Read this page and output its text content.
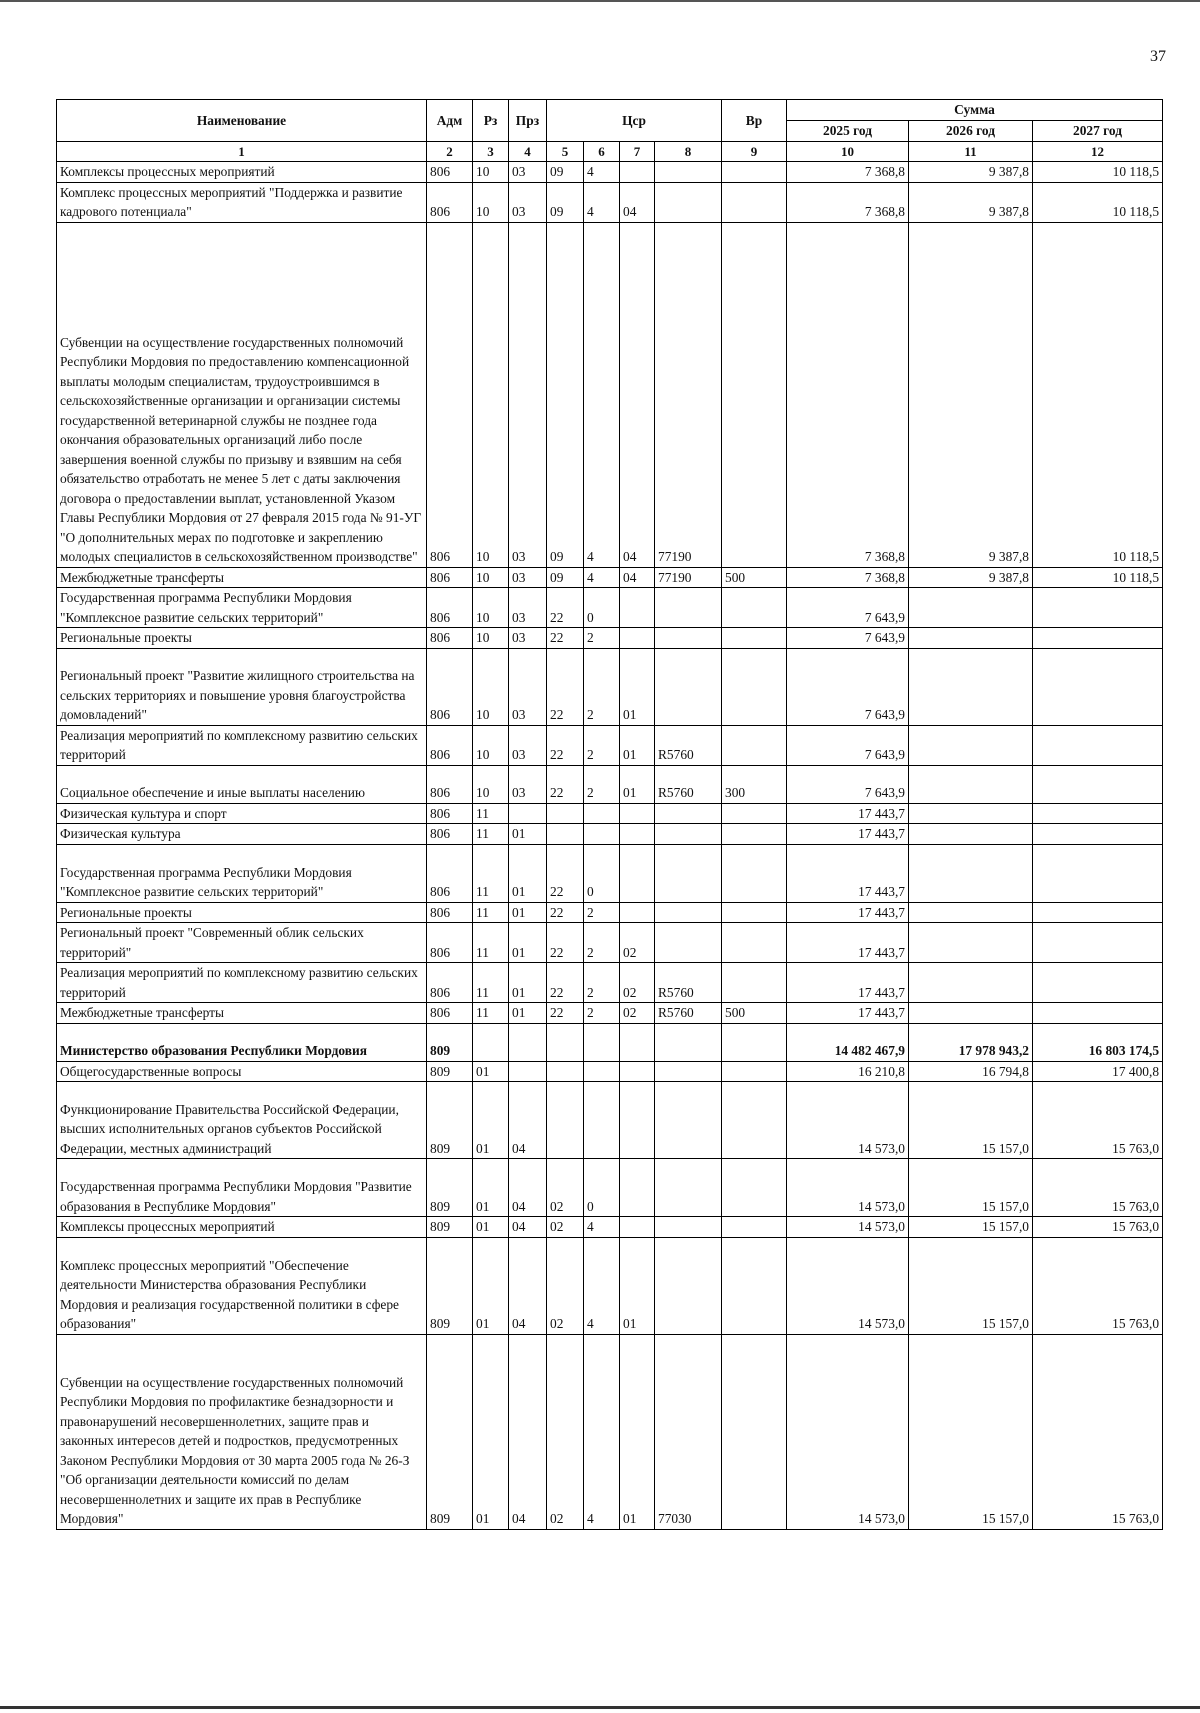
37
Наименование	Адм	Рз	Прз	Цср				Вр	Сумма		
									2025 год	2026 год	2027 год
1	2	3	4	5	6	7	8	9	10	11	12
Комплексы процессных мероприятий	806	10	03	09	4				7 368,8	9 387,8	10 118,5
Комплекс процессных мероприятий "Поддержка и развитие кадрового потенциала"	806	10	03	09	4	04			7 368,8	9 387,8	10 118,5
Субвенции на осуществление государственных полномочий Республики Мордовия по предоставлению компенсационной выплаты молодым специалистам, трудоустроившимся в сельскохозяйственные организации и организации системы государственной ветеринарной службы не позднее года окончания образовательных организаций либо после завершения военной службы по призыву и взявшим на себя обязательство отработать не менее 5 лет с даты заключения договора о предоставлении выплат, установленной Указом Главы Республики Мордовия от 27 февраля 2015 года № 91-УГ "О дополнительных мерах по подготовке и закреплению молодых специалистов в сельскохозяйственном производстве"	806	10	03	09	4	04	77190		7 368,8	9 387,8	10 118,5
Межбюджетные трансферты	806	10	03	09	4	04	77190	500	7 368,8	9 387,8	10 118,5
Государственная программа Республики Мордовия "Комплексное развитие сельских территорий"	806	10	03	22	0				7 643,9		
Региональные проекты	806	10	03	22	2				7 643,9		
Региональный проект "Развитие жилищного строительства на сельских территориях и повышение уровня благоустройства домовладений"	806	10	03	22	2	01			7 643,9		
Реализация мероприятий по комплексному развитию сельских территорий	806	10	03	22	2	01	R5760		7 643,9		
Социальное обеспечение и иные выплаты населению	806	10	03	22	2	01	R5760	300	7 643,9		
Физическая культура и спорт	806	11							17 443,7		
Физическая культура	806	11	01						17 443,7		
Государственная программа Республики Мордовия "Комплексное развитие сельских территорий"	806	11	01	22	0				17 443,7		
Региональные проекты	806	11	01	22	2				17 443,7		
Региональный проект "Современный облик сельских территорий"	806	11	01	22	2	02			17 443,7		
Реализация мероприятий по комплексному развитию сельских территорий	806	11	01	22	2	02	R5760		17 443,7		
Межбюджетные трансферты	806	11	01	22	2	02	R5760	500	17 443,7		
Министерство образования Республики Мордовия	809								14 482 467,9	17 978 943,2	16 803 174,5
Общегосударственные вопросы	809	01							16 210,8	16 794,8	17 400,8
Функционирование Правительства Российской Федерации, высших исполнительных органов субъектов Российской Федерации, местных администраций	809	01	04						14 573,0	15 157,0	15 763,0
Государственная программа Республики Мордовия "Развитие образования в Республике Мордовия"	809	01	04	02	0				14 573,0	15 157,0	15 763,0
Комплексы процессных мероприятий	809	01	04	02	4				14 573,0	15 157,0	15 763,0
Комплекс процессных мероприятий "Обеспечение деятельности Министерства образования Республики Мордовия и реализация государственной политики в сфере образования"	809	01	04	02	4	01			14 573,0	15 157,0	15 763,0
Субвенции на осуществление государственных полномочий Республики Мордовия по профилактике безнадзорности и правонарушений несовершеннолетних, защите прав и законных интересов детей и подростков, предусмотренных Законом Республики Мордовия от 30 марта 2005 года № 26-З "Об организации деятельности комиссий по делам несовершеннолетних и защите их прав в Республике Мордовия"	809	01	04	02	4	01	77030		14 573,0	15 157,0	15 763,0
